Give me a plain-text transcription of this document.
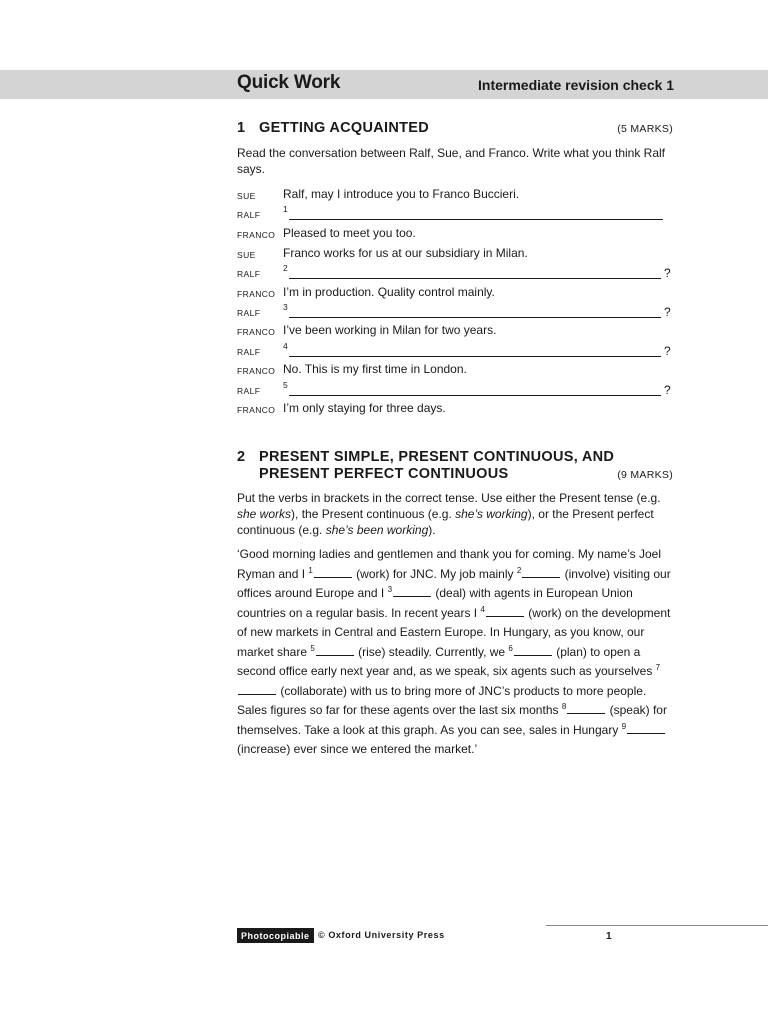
Quick Work	Intermediate revision check 1
1 GETTING ACQUAINTED	(5 MARKS)
Read the conversation between Ralf, Sue, and Franco. Write what you think Ralf says.
SUE Ralf, may I introduce you to Franco Buccieri.
RALF
1
FRANCO Pleased to meet you too.
SUE Franco works for us at our subsidiary in Milan.
RALF
2	?
FRANCO I’m in production. Quality control mainly.
RALF
3	?
FRANCO I’ve been working in Milan for two years.
RALF
4	?
FRANCO No. This is my first time in London.
RALF
5	?
FRANCO I’m only staying for three days.
2 PRESENT SIMPLE, PRESENT CONTINUOUS, AND
PRESENT PERFECT CONTINUOUS	(9 MARKS)
Put the verbs in brackets in the correct tense. Use either the Present tense (e.g. she works), the Present continuous (e.g. she’s working), or the Present perfect continuous (e.g. she’s been working).
‘Good morning ladies and gentlemen and thank you for coming. My name’s Joel Ryman and I $^1$	(work) for JNC. My job mainly $^2$	(involve) visiting our offices around Europe and I $^3$	(deal) with agents in European Union countries on a regular basis. In recent years I $^4$	(work) on the development of new markets in Central and Eastern Europe. In Hungary, as you know, our market share $^5$	(rise) steadily. Currently, we $^6$	(plan) to open a second office early next year and, as we speak, six agents such as yourselves $^7$ (collaborate) with us to bring more of JNC’s products to more people. Sales figures so far for these agents over the last six months $^8$	(speak) for themselves. Take a look at this graph. As you can see, sales in Hungary $^9$ (increase) ever since we entered the market.’
Photocopiable © Oxford University Press	1
